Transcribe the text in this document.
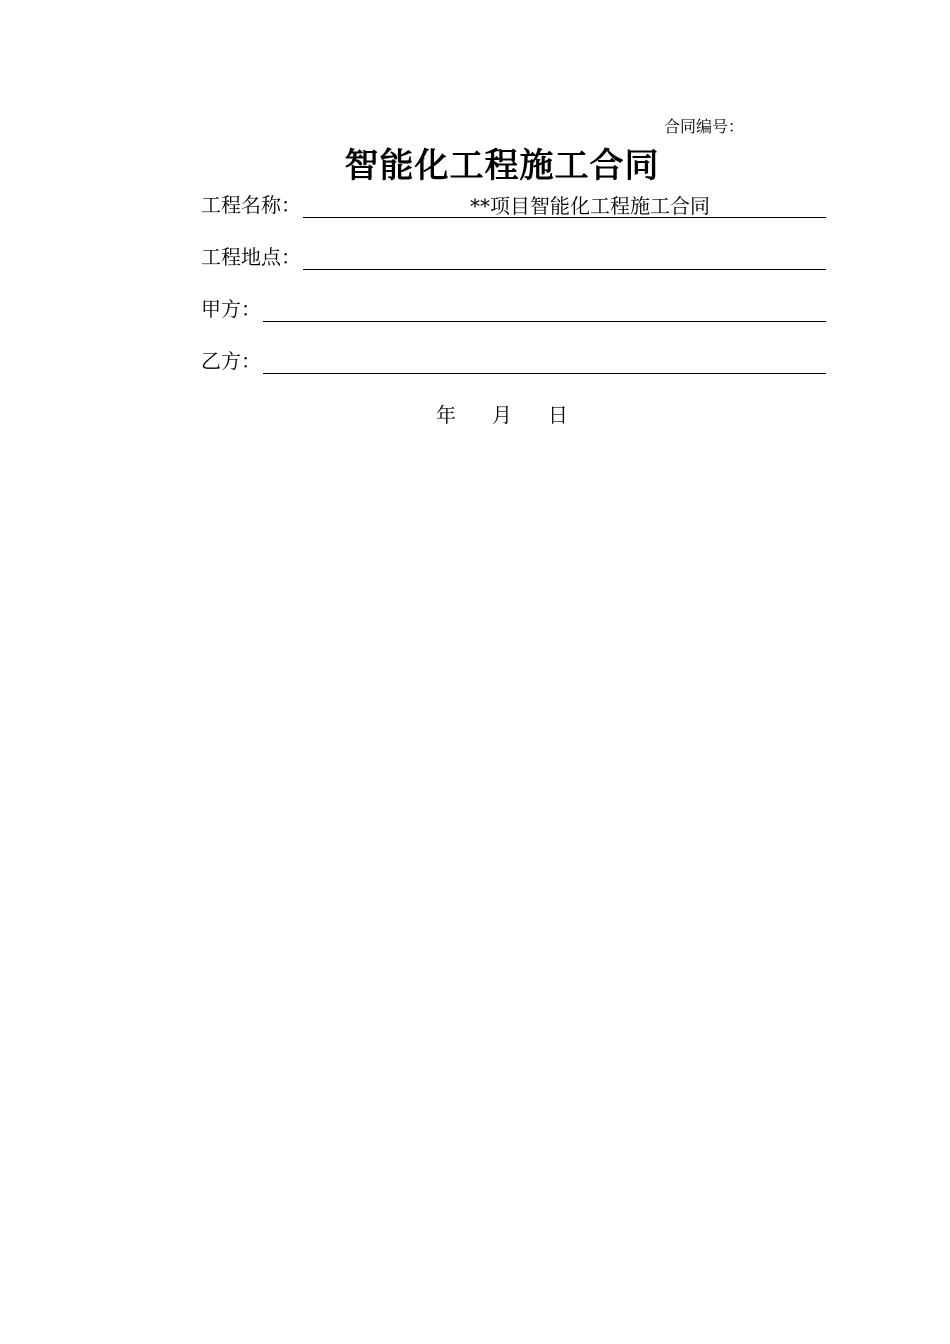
合同编号：
智能化工程施工合同
工程名称：	**项目智能化工程施工合同
工程地点：
甲方：
乙方：
年 月 日
